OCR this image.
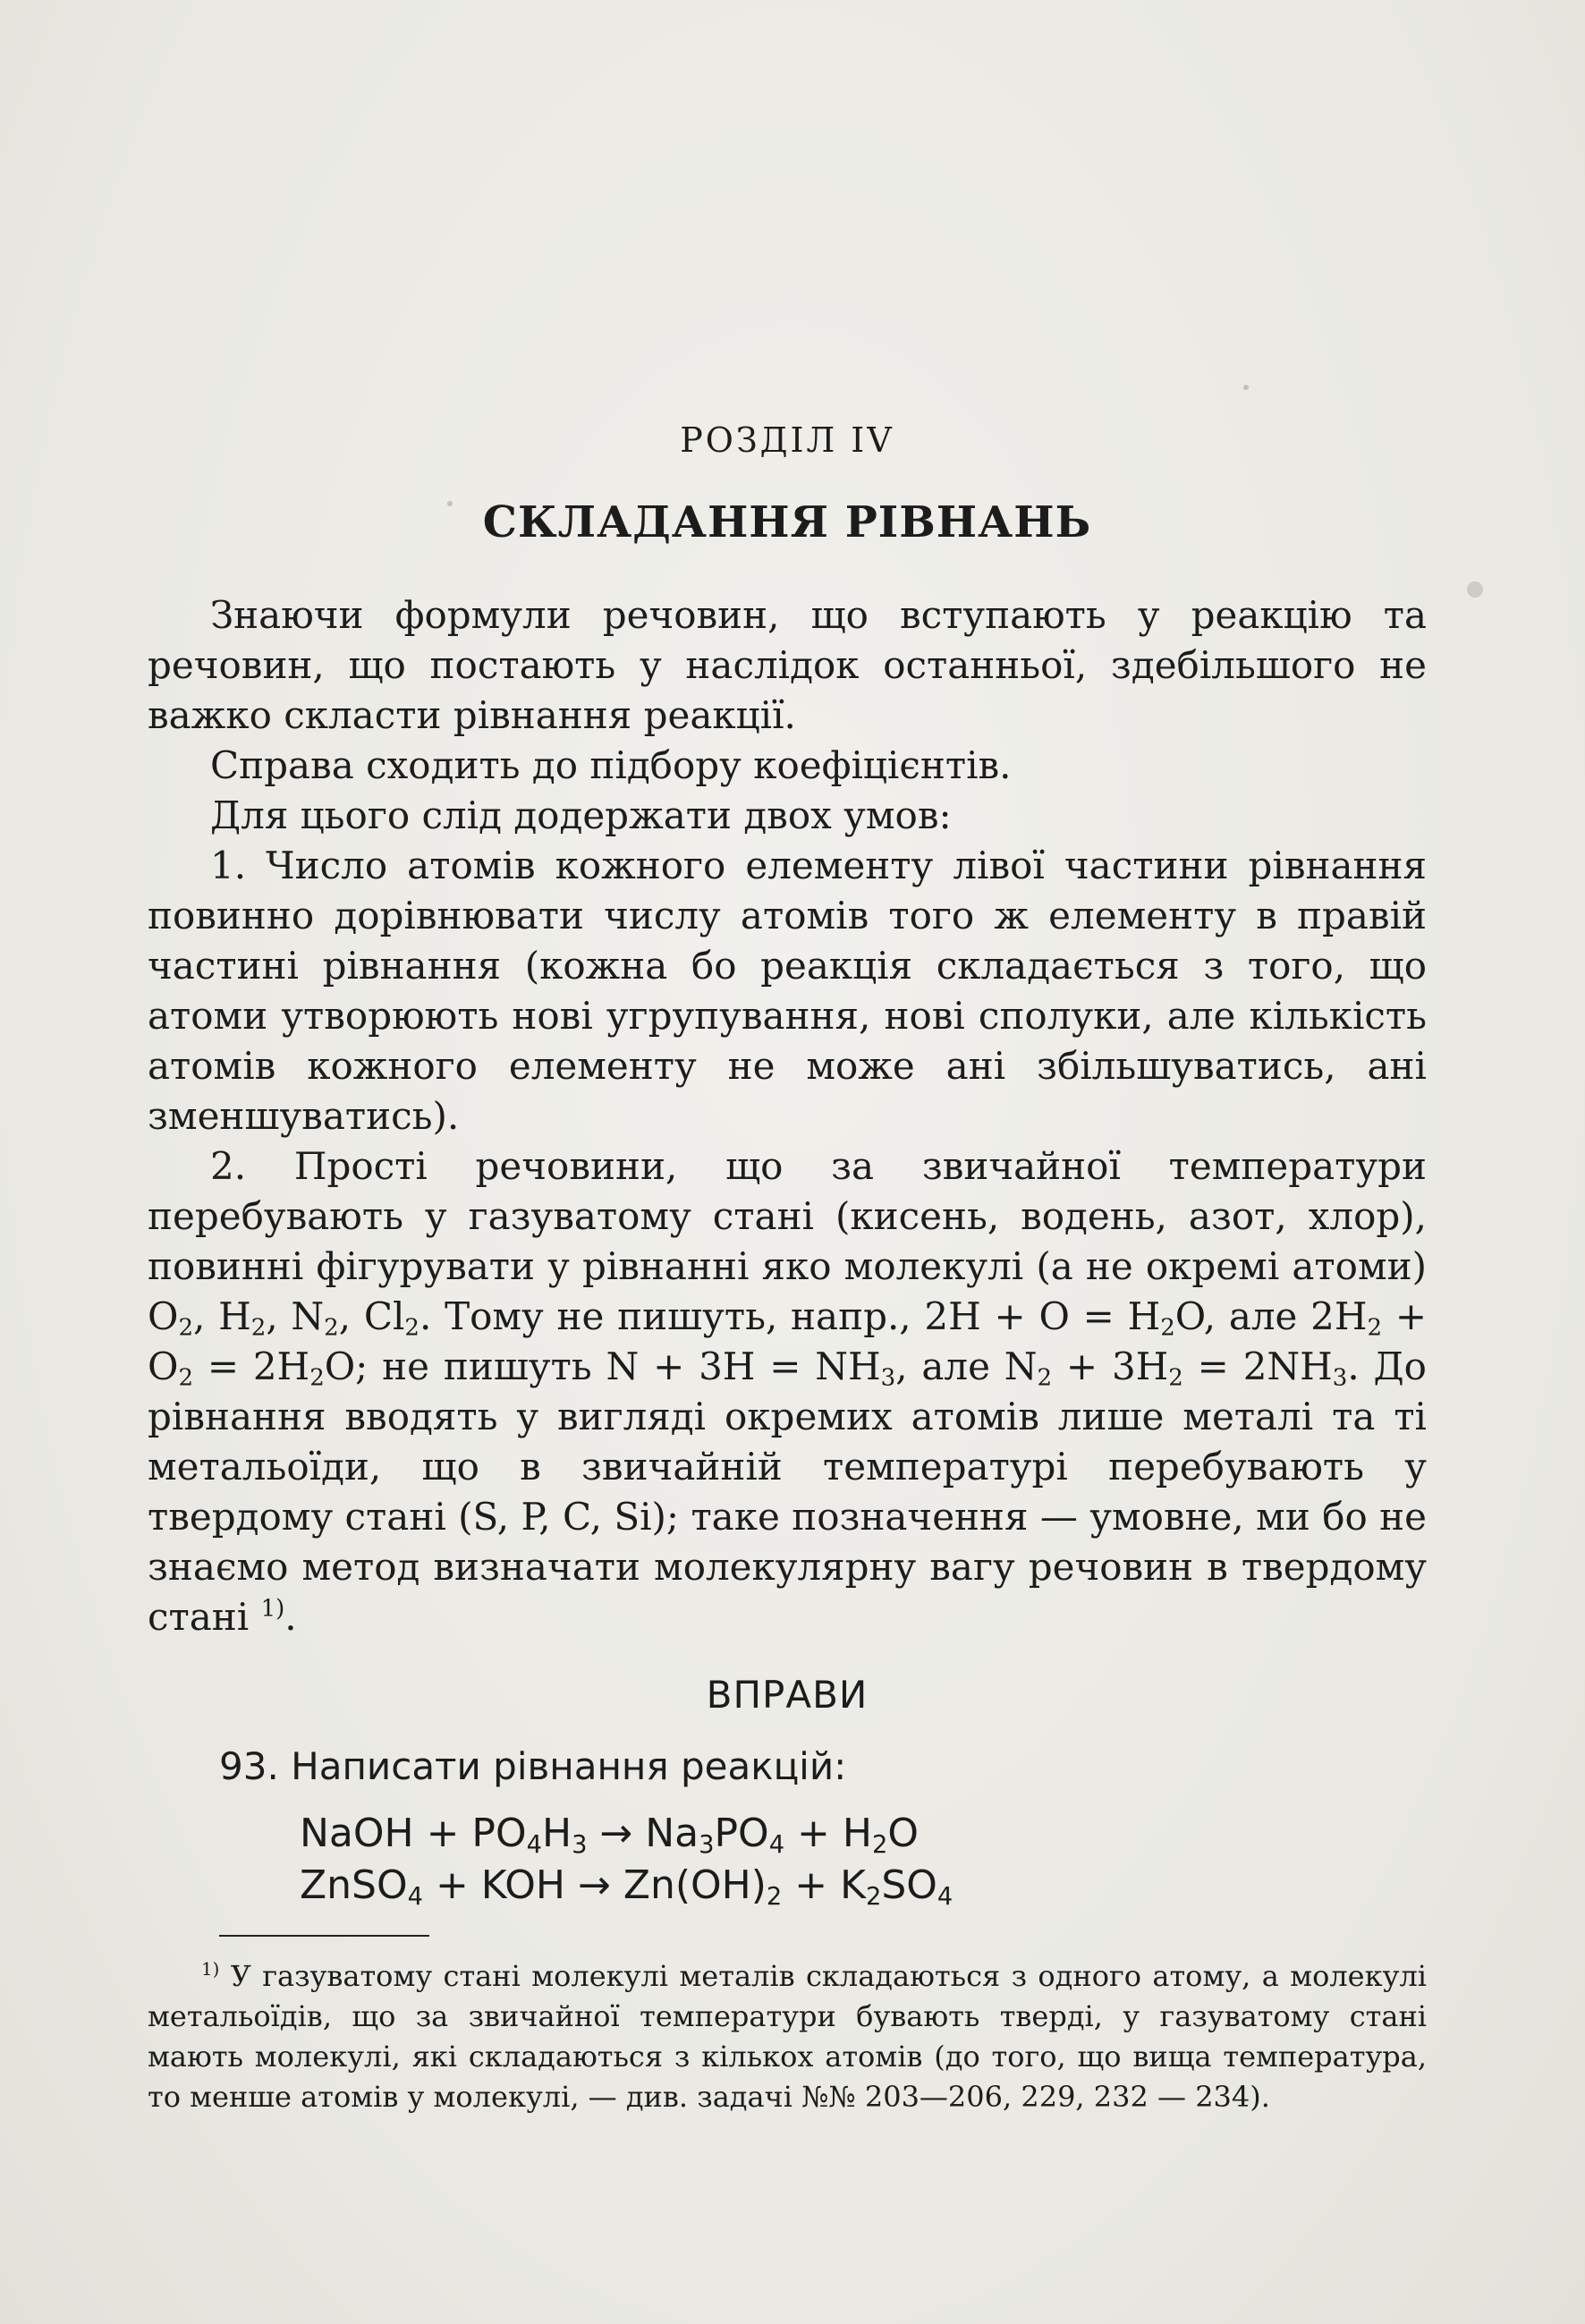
РОЗДІЛ IV
СКЛАДАННЯ РІВНАНЬ

Знаючи формули речовин, що вступають у реакцію та речовин, що постають у наслідок останньої, здебільшого не важко скласти рівнання реакції.

Справа сходить до підбору коефіцієнтів.

Для цього слід додержати двох умов:

1. Число атомів кожного елементу лівої частини рівнання повинно дорівнювати числу атомів того ж елементу в правій частині рівнання (кожна бо реакція складається з того, що атоми утворюють нові угрупування, нові сполуки, але кількість атомів кожного елементу не може ані збільшуватись, ані зменшуватись).

2. Прості речовини, що за звичайної температури перебувають у газуватому стані (кисень, водень, азот, хлор), повинні фігурувати у рівнанні яко молекулі (а не окремі атоми) $O_2$, $H_2$, $N_2$, $Cl_2$. Тому не пишуть, напр., $2H + O = H_2O$, але $2H_2 + O_2 = 2H_2O$; не пишуть $N + 3H = NH_3$, але $N_2 + 3H_2 = 2NH_3$. До рівнання вводять у вигляді окремих атомів лише металі та ті метальоїди, що в звичайній температурі перебувають у твердому стані (S, P, C, Si); таке позначення — умовне, ми бо не знаємо метод визначати молекулярну вагу речовин в твердому стані $^{1)}$.

ВПРАВИ
93. Написати рівнання реакцій:
NaOH + $PO_4H_3 \to Na_3PO_4 + H_2O$
ZnSO$_4$ + KOH → $Zn(OH)_2 + K_2SO_4$
$^{1)}$ У газуватому стані молекулі металів складаються з одного атому, а молекулі метальоїдів, що за звичайної температури бувають тверді, у газуватому стані мають молекулі, які складаються з кількох атомів (до того, що вища температура, то менше атомів у молекулі, — див. задачі №№ 203—206, 229, 232 — 234).
